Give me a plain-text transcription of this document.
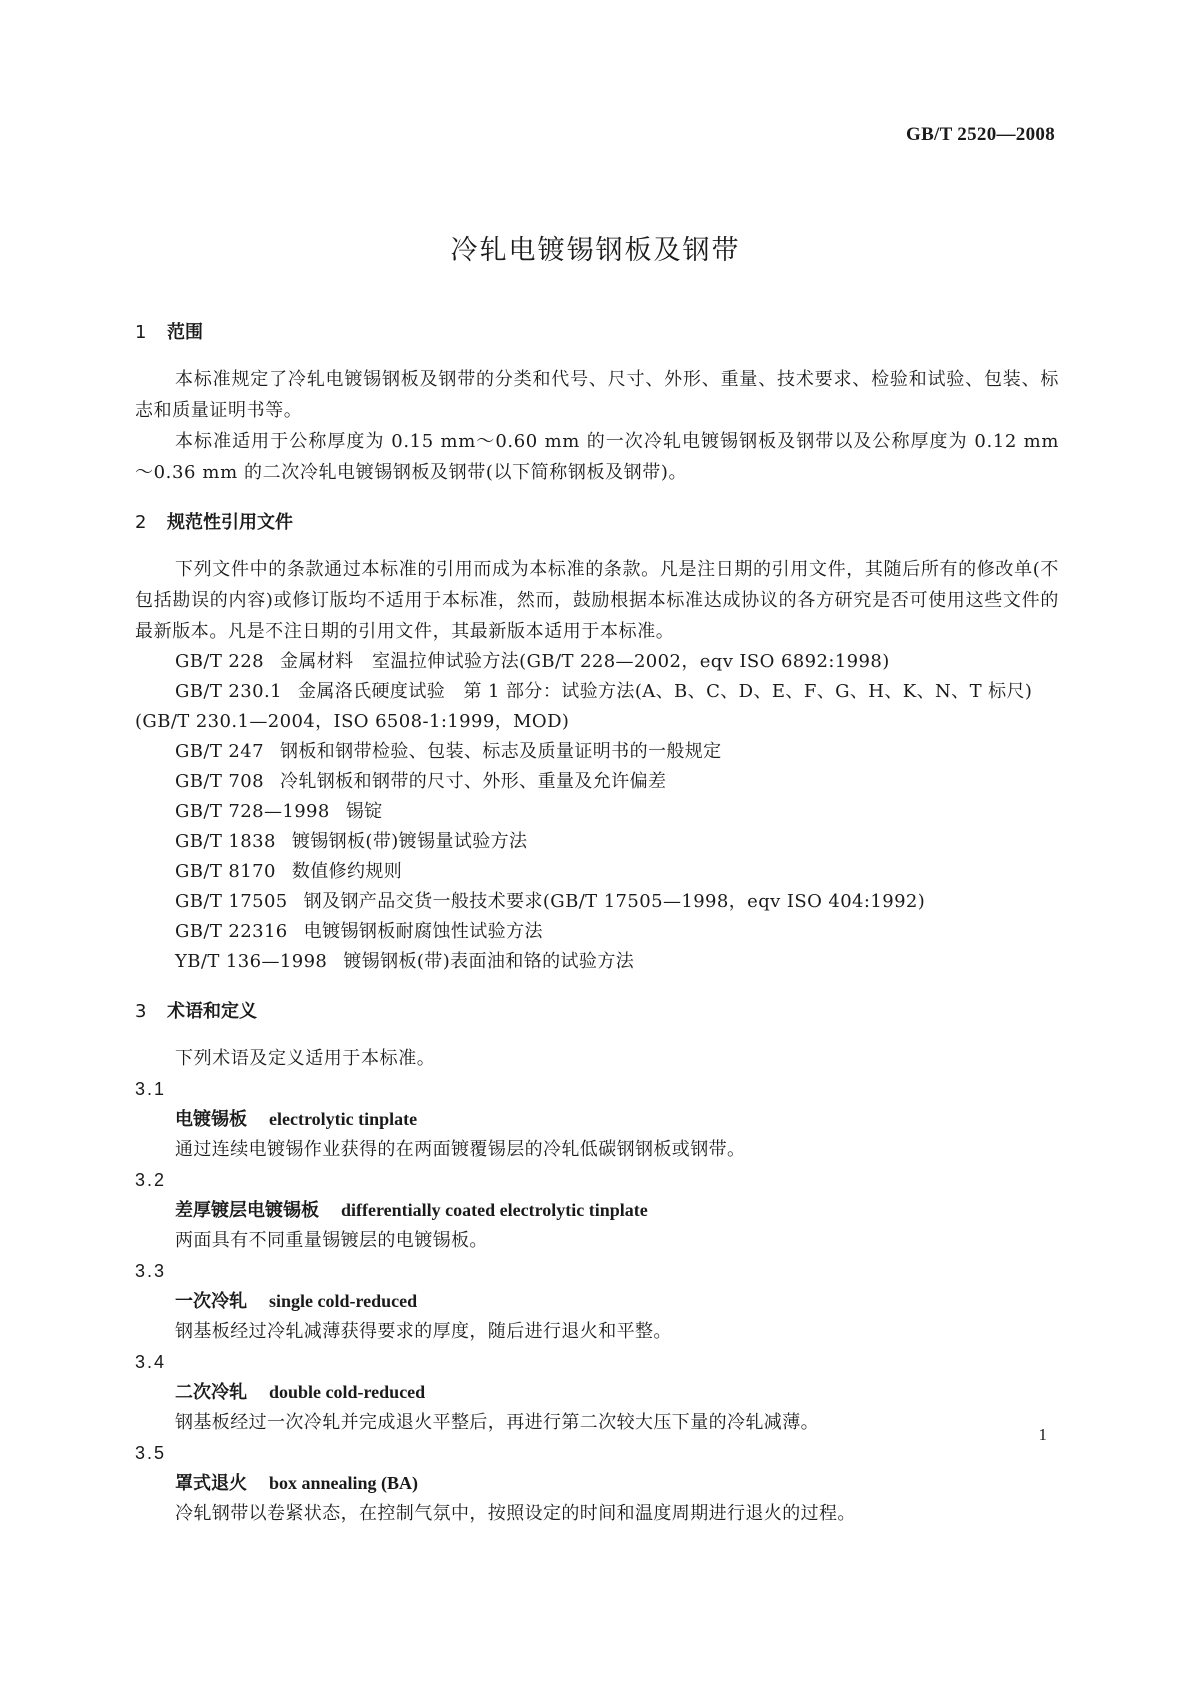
GB/T 2520—2008
冷轧电镀锡钢板及钢带
1 范围

本标准规定了冷轧电镀锡钢板及钢带的分类和代号、尺寸、外形、重量、技术要求、检验和试验、包装、标志和质量证明书等。

本标准适用于公称厚度为 0.15 mm～0.60 mm 的一次冷轧电镀锡钢板及钢带以及公称厚度为 0.12 mm～0.36 mm 的二次冷轧电镀锡钢板及钢带(以下简称钢板及钢带)。

2 规范性引用文件

下列文件中的条款通过本标准的引用而成为本标准的条款。凡是注日期的引用文件，其随后所有的修改单(不包括勘误的内容)或修订版均不适用于本标准，然而，鼓励根据本标准达成协议的各方研究是否可使用这些文件的最新版本。凡是不注日期的引用文件，其最新版本适用于本标准。

GB/T 228 金属材料　室温拉伸试验方法(GB/T 228—2002，eqv ISO 6892:1998)

GB/T 230.1 金属洛氏硬度试验　第 1 部分：试验方法(A、B、C、D、E、F、G、H、K、N、T 标尺)(GB/T 230.1—2004，ISO 6508-1:1999，MOD)

GB/T 247 钢板和钢带检验、包装、标志及质量证明书的一般规定

GB/T 708 冷轧钢板和钢带的尺寸、外形、重量及允许偏差

GB/T 728—1998 锡锭

GB/T 1838 镀锡钢板(带)镀锡量试验方法

GB/T 8170 数值修约规则

GB/T 17505 钢及钢产品交货一般技术要求(GB/T 17505—1998，eqv ISO 404:1992)

GB/T 22316 电镀锡钢板耐腐蚀性试验方法

YB/T 136—1998 镀锡钢板(带)表面油和铬的试验方法

3 术语和定义

下列术语及定义适用于本标准。

3.1

电镀锡板 electrolytic tinplate

通过连续电镀锡作业获得的在两面镀覆锡层的冷轧低碳钢钢板或钢带。

3.2

差厚镀层电镀锡板 differentially coated electrolytic tinplate

两面具有不同重量锡镀层的电镀锡板。

3.3

一次冷轧 single cold-reduced

钢基板经过冷轧减薄获得要求的厚度，随后进行退火和平整。

3.4

二次冷轧 double cold-reduced

钢基板经过一次冷轧并完成退火平整后，再进行第二次较大压下量的冷轧减薄。

3.5

罩式退火 box annealing (BA)

冷轧钢带以卷紧状态，在控制气氛中，按照设定的时间和温度周期进行退火的过程。

1
